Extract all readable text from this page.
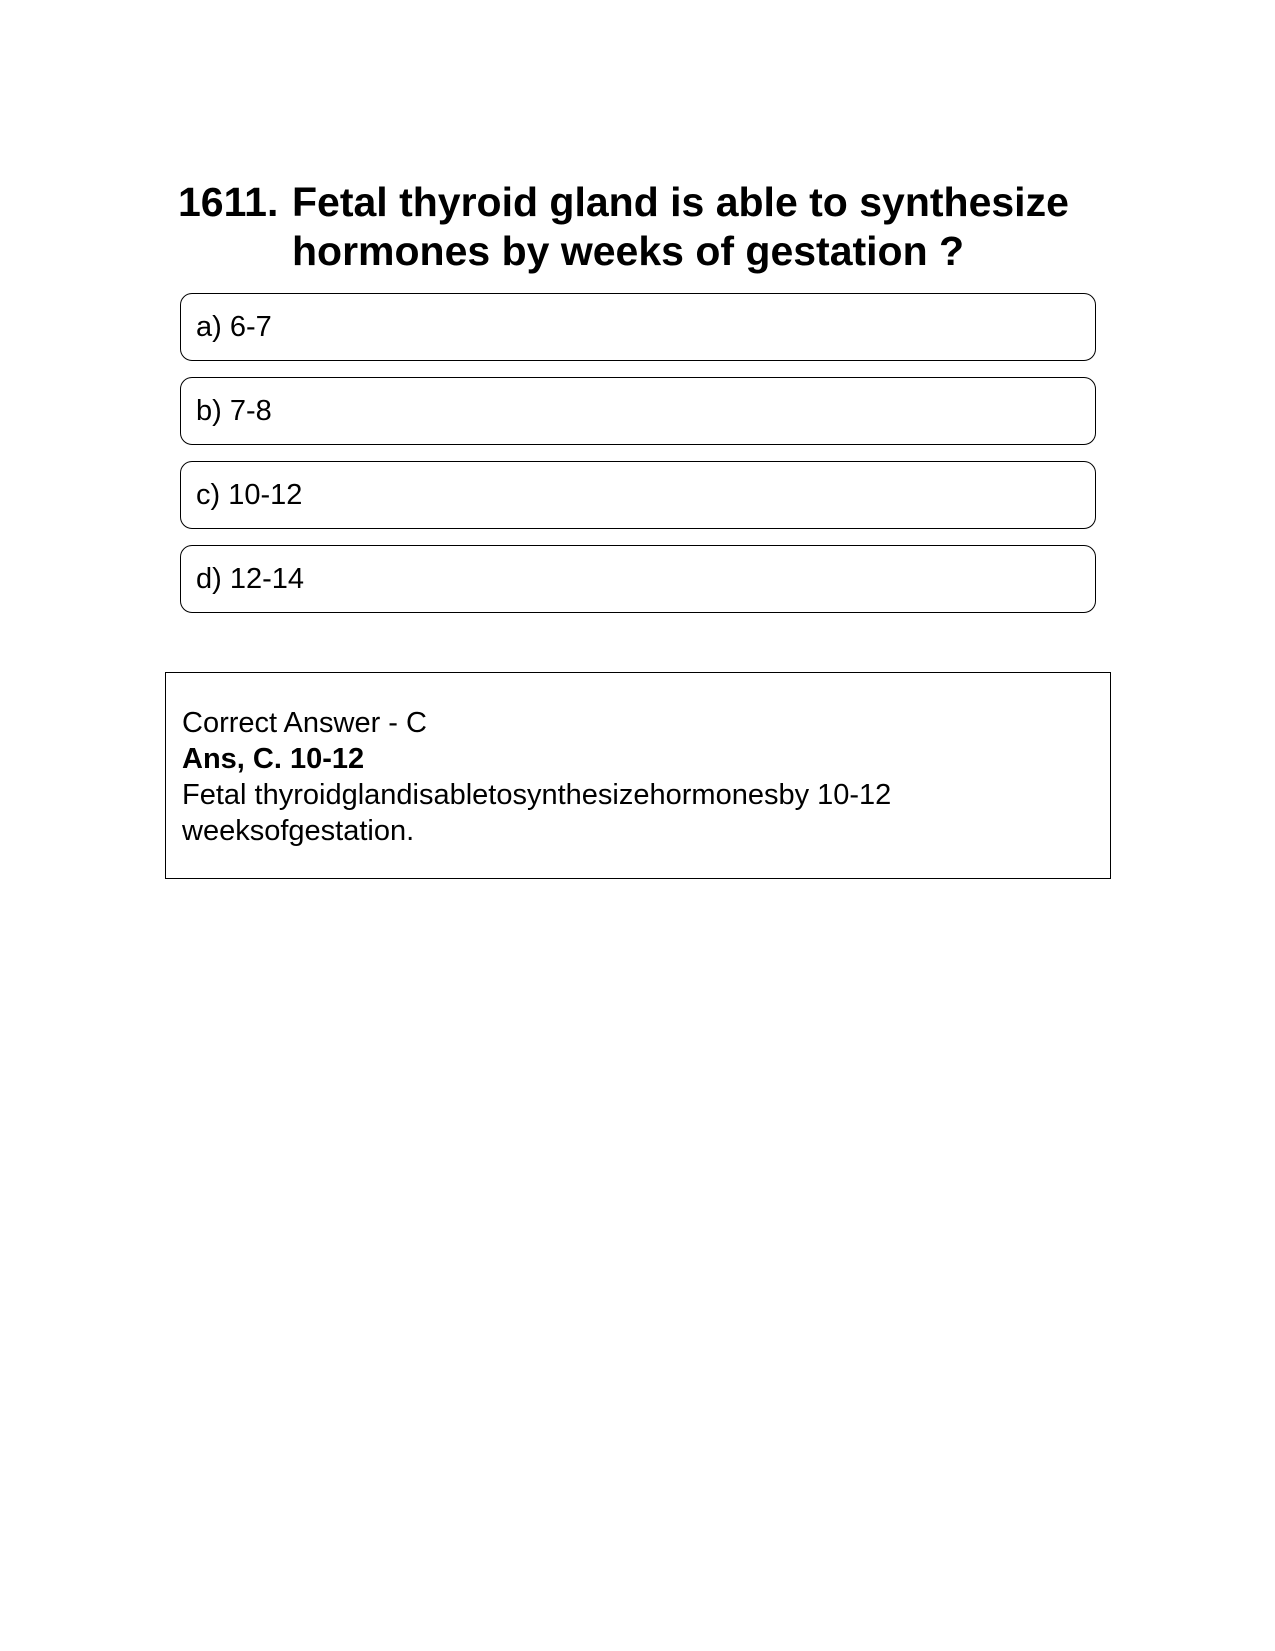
1611. Fetal thyroid gland is able to synthesize hormones by weeks of gestation ?
a) 6-7
b) 7-8
c) 10-12
d) 12-14
Correct Answer - C
Ans, C. 10-12
Fetal thyroidglandisabletosynthesizehormonesby 10-12 weeksofgestation.
